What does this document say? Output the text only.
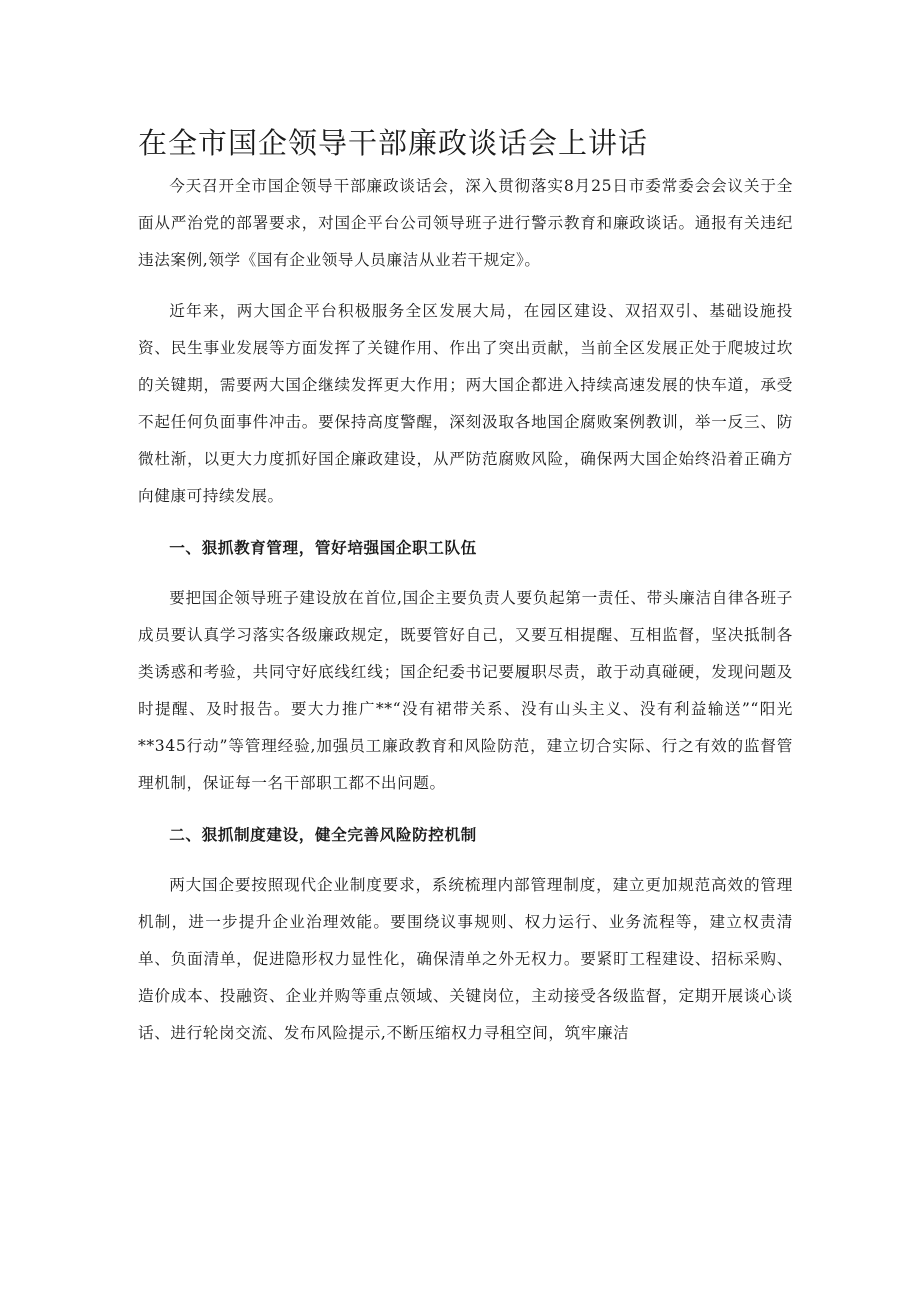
在全市国企领导干部廉政谈话会上讲话

今天召开全市国企领导干部廉政谈话会，深入贯彻落实8月25日市委常委会会议关于全面从严治党的部署要求，对国企平台公司领导班子进行警示教育和廉政谈话。通报有关违纪违法案例,领学《国有企业领导人员廉洁从业若干规定》。

近年来，两大国企平台积极服务全区发展大局，在园区建设、双招双引、基础设施投资、民生事业发展等方面发挥了关键作用、作出了突出贡献，当前全区发展正处于爬坡过坎的关键期，需要两大国企继续发挥更大作用；两大国企都进入持续高速发展的快车道，承受不起任何负面事件冲击。要保持高度警醒，深刻汲取各地国企腐败案例教训，举一反三、防微杜渐，以更大力度抓好国企廉政建设，从严防范腐败风险，确保两大国企始终沿着正确方向健康可持续发展。

一、狠抓教育管理，管好培强国企职工队伍

要把国企领导班子建设放在首位,国企主要负责人要负起第一责任、带头廉洁自律各班子成员要认真学习落实各级廉政规定，既要管好自己，又要互相提醒、互相监督，坚决抵制各类诱惑和考验，共同守好底线红线；国企纪委书记要履职尽责，敢于动真碰硬，发现问题及时提醒、及时报告。要大力推广**“没有裙带关系、没有山头主义、没有利益输送”“阳光**345行动”等管理经验,加强员工廉政教育和风险防范，建立切合实际、行之有效的监督管理机制，保证每一名干部职工都不出问题。

二、狠抓制度建设，健全完善风险防控机制

两大国企要按照现代企业制度要求，系统梳理内部管理制度，建立更加规范高效的管理机制，进一步提升企业治理效能。要围绕议事规则、权力运行、业务流程等，建立权责清单、负面清单，促进隐形权力显性化，确保清单之外无权力。要紧盯工程建设、招标采购、造价成本、投融资、企业并购等重点领域、关键岗位，主动接受各级监督，定期开展谈心谈话、进行轮岗交流、发布风险提示,不断压缩权力寻租空间，筑牢廉洁
